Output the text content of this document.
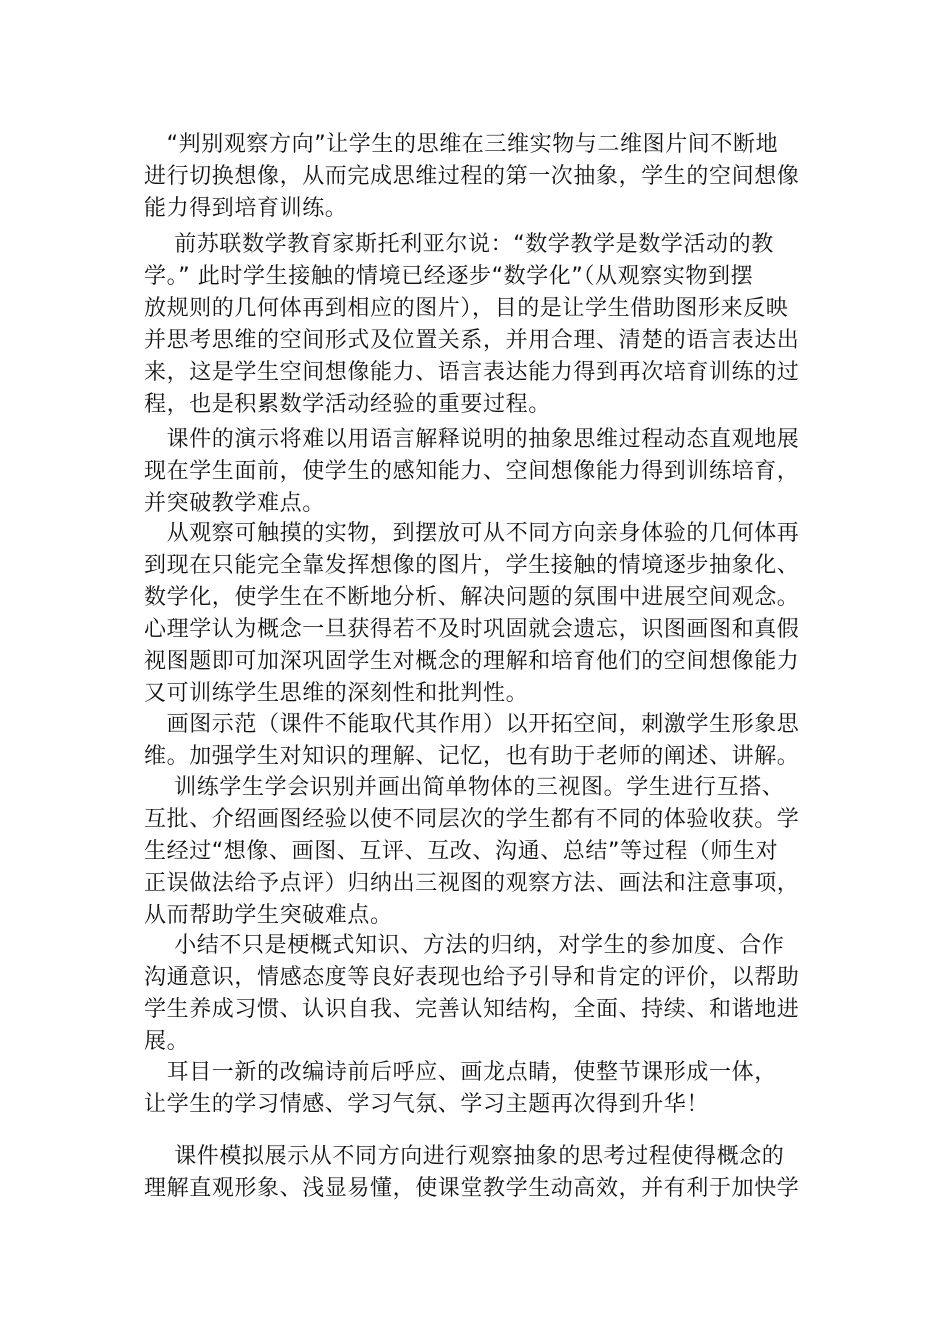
　“判别观察方向”让学生的思维在三维实物与二维图片间不断地
进行切换想像，从而完成思维过程的第一次抽象，学生的空间想像
能力得到培育训练。
　 前苏联数学教育家斯托利亚尔说：“数学教学是数学活动的教
学。” 此时学生接触的情境已经逐步“数学化”（从观察实物到摆
放规则的几何体再到相应的图片），目的是让学生借助图形来反映
并思考思维的空间形式及位置关系，并用合理、清楚的语言表达出
来，这是学生空间想像能力、语言表达能力得到再次培育训练的过
程，也是积累数学活动经验的重要过程。
　课件的演示将难以用语言解释说明的抽象思维过程动态直观地展
现在学生面前，使学生的感知能力、空间想像能力得到训练培育，
并突破教学难点。
　从观察可触摸的实物，到摆放可从不同方向亲身体验的几何体再
到现在只能完全靠发挥想像的图片，学生接触的情境逐步抽象化、
数学化，使学生在不断地分析、解决问题的氛围中进展空间观念。
心理学认为概念一旦获得若不及时巩固就会遗忘，识图画图和真假
视图题即可加深巩固学生对概念的理解和培育他们的空间想像能力
又可训练学生思维的深刻性和批判性。
　画图示范（课件不能取代其作用）以开拓空间，刺激学生形象思
维。加强学生对知识的理解、记忆，也有助于老师的阐述、讲解。
　 训练学生学会识别并画出简单物体的三视图。学生进行互搭、
互批、介绍画图经验以使不同层次的学生都有不同的体验收获。学
生经过“想像、画图、互评、互改、沟通、总结”等过程（师生对
正误做法给予点评）归纳出三视图的观察方法、画法和注意事项，
从而帮助学生突破难点。
　 小结不只是梗概式知识、方法的归纳，对学生的参加度、合作
沟通意识，情感态度等良好表现也给予引导和肯定的评价，以帮助
学生养成习惯、认识自我、完善认知结构，全面、持续、和谐地进
展。
　耳目一新的改编诗前后呼应、画龙点睛，使整节课形成一体，
让学生的学习情感、学习气氛、学习主题再次得到升华！
　 课件模拟展示从不同方向进行观察抽象的思考过程使得概念的
理解直观形象、浅显易懂，使课堂教学生动高效，并有利于加快学
